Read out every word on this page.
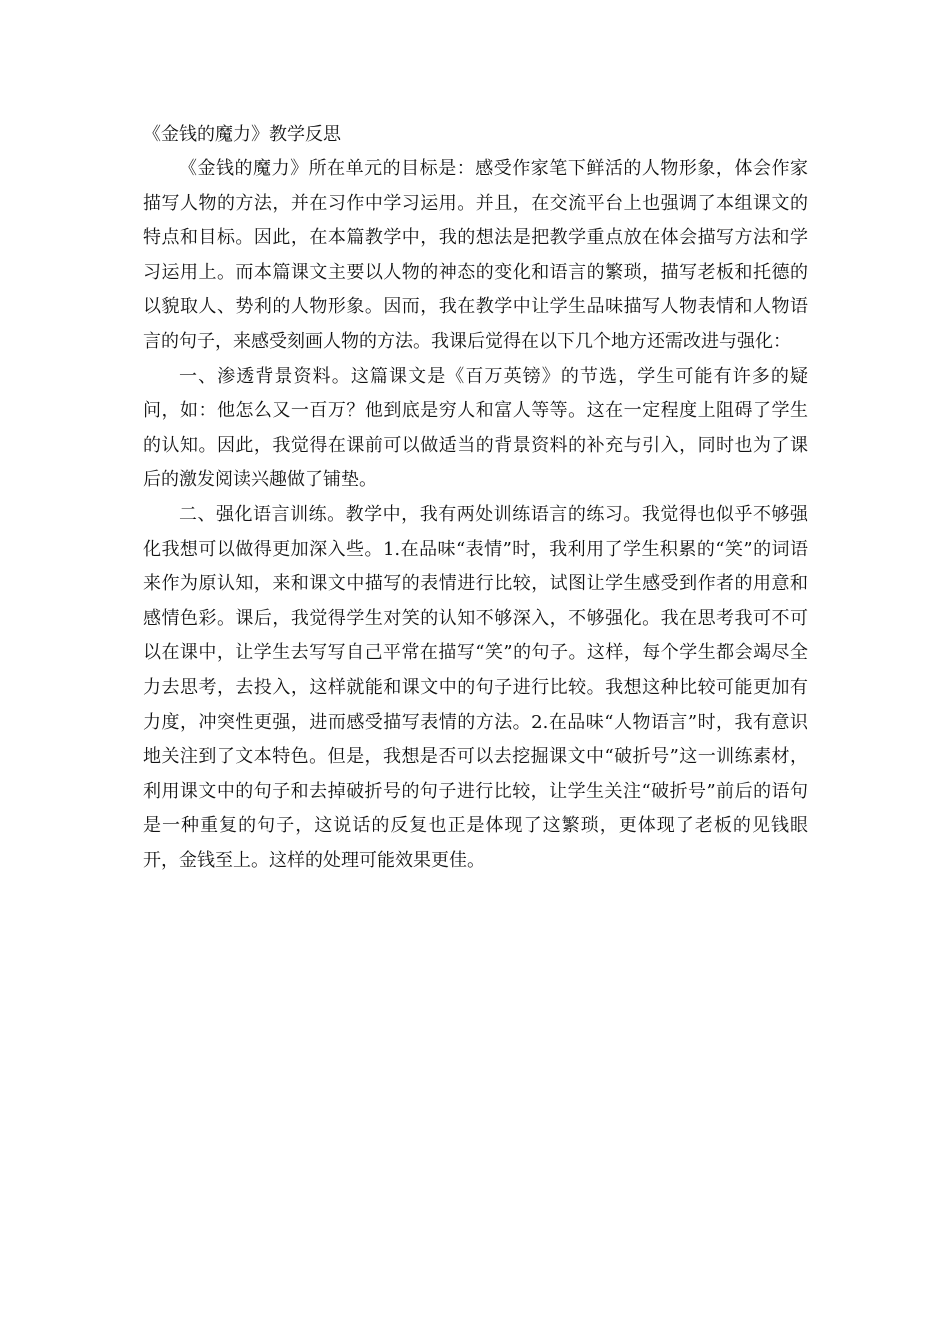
《金钱的魔力》教学反思

《金钱的魔力》所在单元的目标是：感受作家笔下鲜活的人物形象，体会作家描写人物的方法，并在习作中学习运用。并且，在交流平台上也强调了本组课文的特点和目标。因此，在本篇教学中，我的想法是把教学重点放在体会描写方法和学习运用上。而本篇课文主要以人物的神态的变化和语言的繁琐，描写老板和托德的以貌取人、势利的人物形象。因而，我在教学中让学生品味描写人物表情和人物语言的句子，来感受刻画人物的方法。我课后觉得在以下几个地方还需改进与强化：

一、渗透背景资料。这篇课文是《百万英镑》的节选，学生可能有许多的疑问，如：他怎么又一百万？他到底是穷人和富人等等。这在一定程度上阻碍了学生的认知。因此，我觉得在课前可以做适当的背景资料的补充与引入，同时也为了课后的激发阅读兴趣做了铺垫。

二、强化语言训练。教学中，我有两处训练语言的练习。我觉得也似乎不够强化我想可以做得更加深入些。1.在品味“表情”时，我利用了学生积累的“笑”的词语来作为原认知，来和课文中描写的表情进行比较，试图让学生感受到作者的用意和感情色彩。课后，我觉得学生对笑的认知不够深入，不够强化。我在思考我可不可以在课中，让学生去写写自己平常在描写“笑”的句子。这样，每个学生都会竭尽全力去思考，去投入，这样就能和课文中的句子进行比较。我想这种比较可能更加有力度，冲突性更强，进而感受描写表情的方法。2.在品味“人物语言”时，我有意识地关注到了文本特色。但是，我想是否可以去挖掘课文中“破折号”这一训练素材，利用课文中的句子和去掉破折号的句子进行比较，让学生关注“破折号”前后的语句是一种重复的句子，这说话的反复也正是体现了这繁琐，更体现了老板的见钱眼开，金钱至上。这样的处理可能效果更佳。
